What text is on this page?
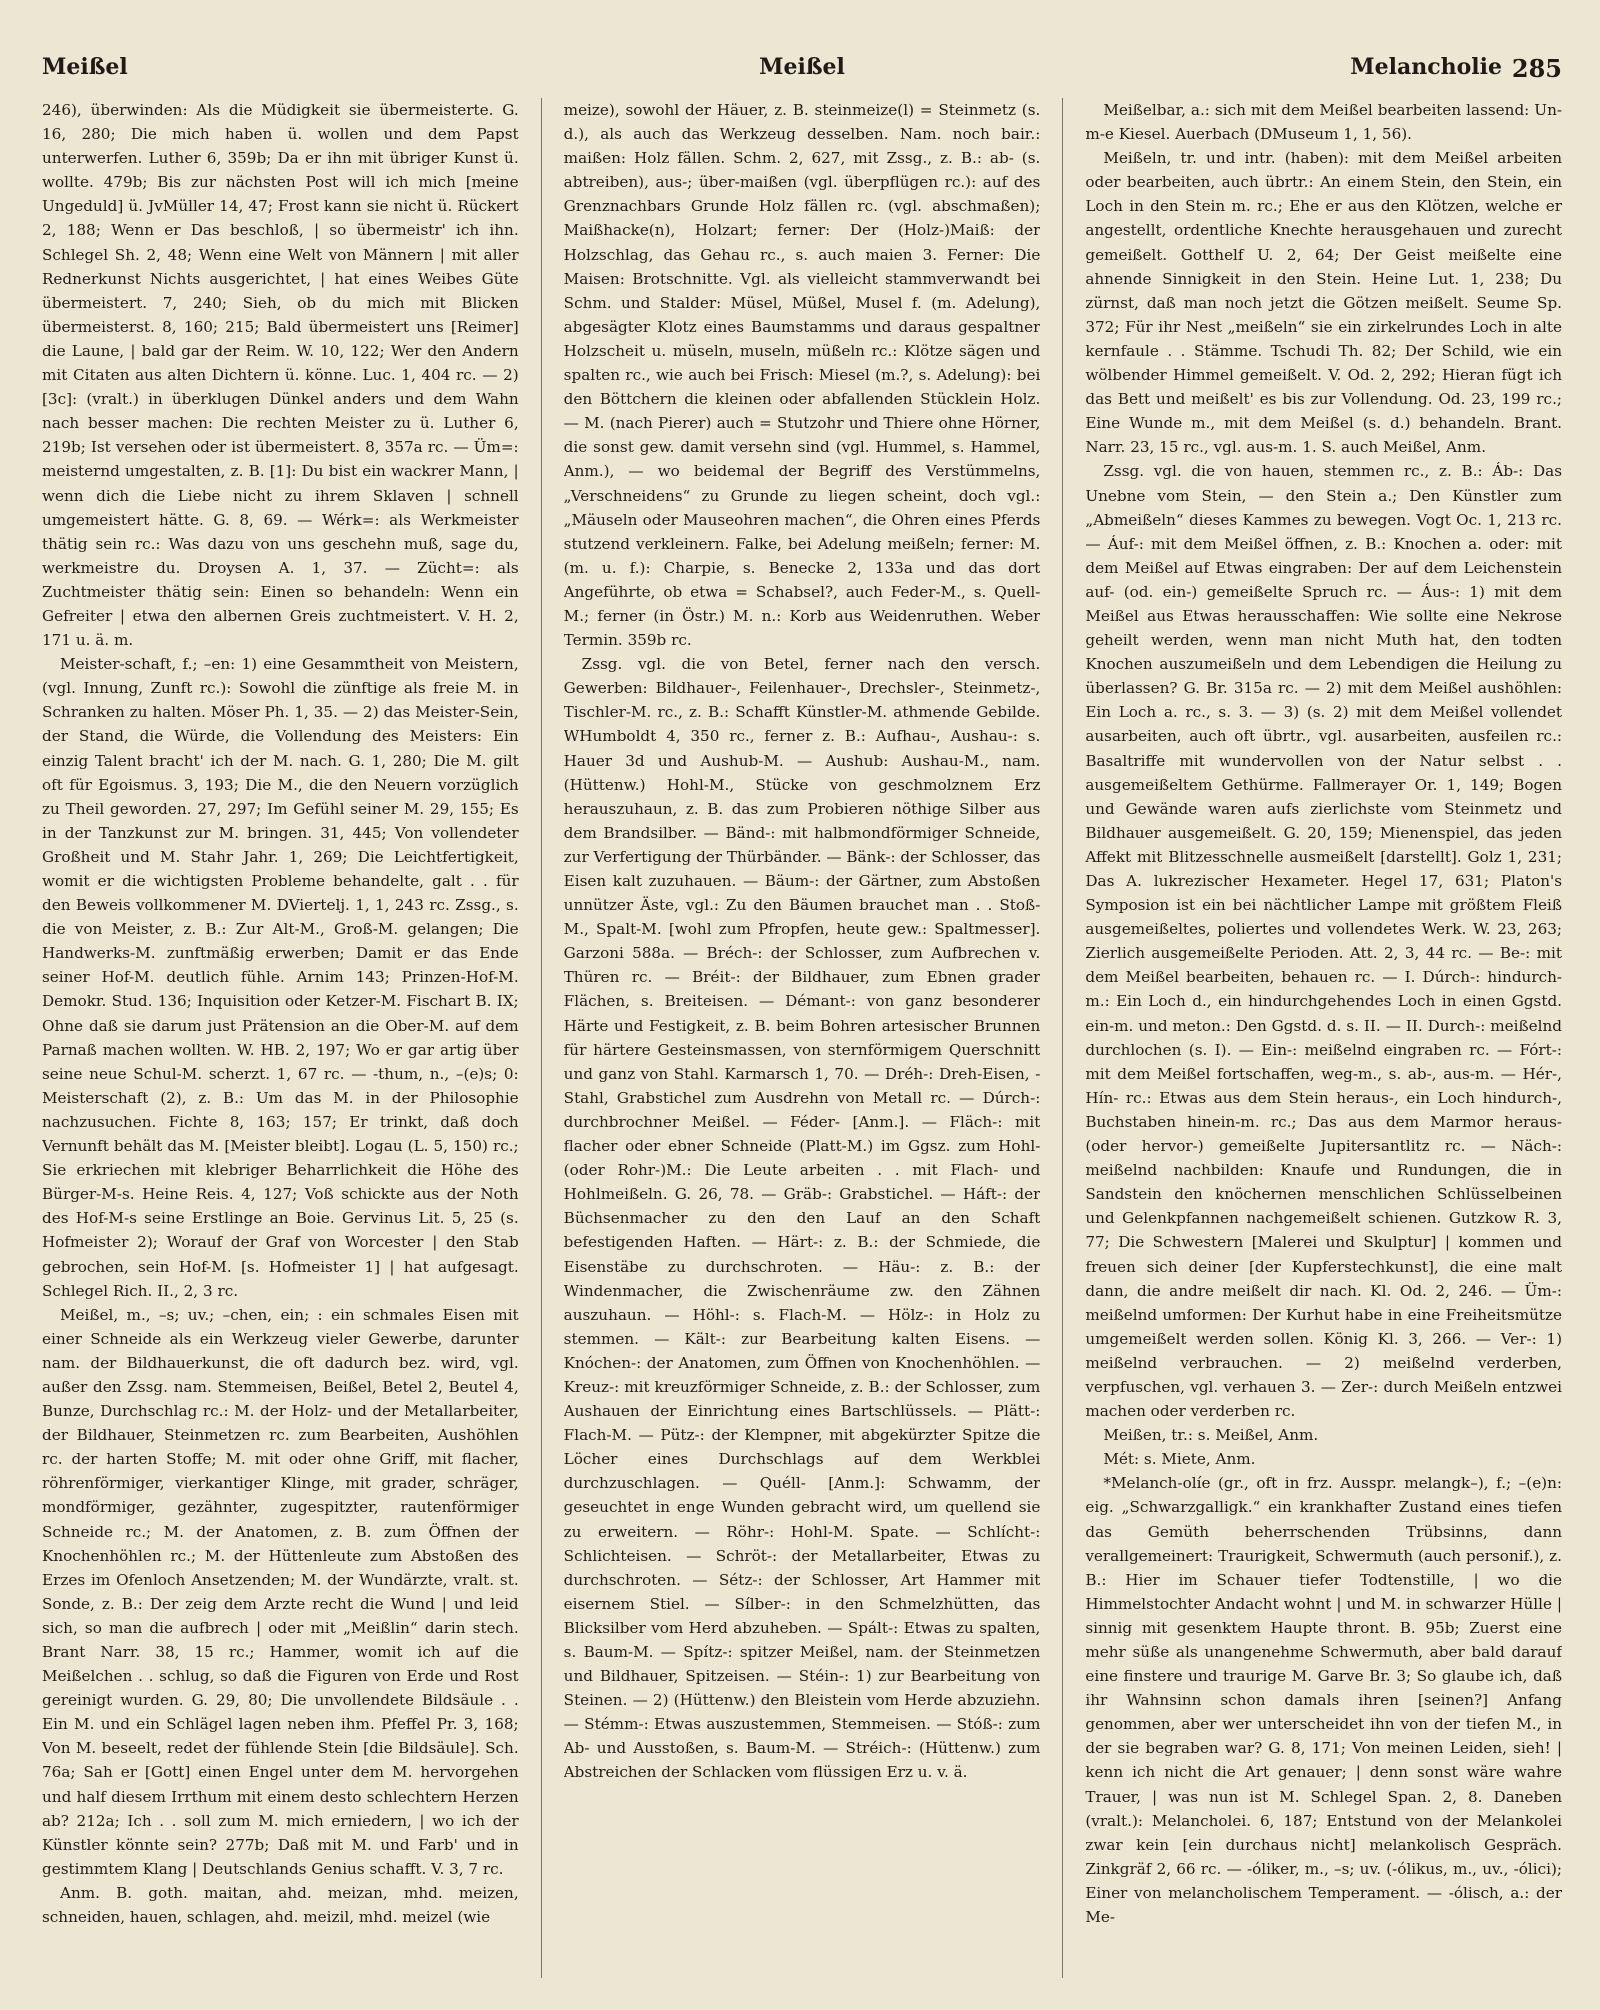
Meißel	Meißel	Melancholie 285

246), überwinden: Als die Müdigkeit sie übermeisterte. G. 16, 280; Die mich haben ü. wollen und dem Papst unterwerfen. Luther 6, 359b; Da er ihn mit übriger Kunst ü. wollte. 479b; Bis zur nächsten Post will ich mich [meine Ungeduld] ü. JvMüller 14, 47; Frost kann sie nicht ü. Rückert 2, 188; Wenn er Das beschloß, | so übermeistr' ich ihn. Schlegel Sh. 2, 48; Wenn eine Welt von Männern | mit aller Rednerkunst Nichts ausgerichtet, | hat eines Weibes Güte übermeistert. 7, 240; Sieh, ob du mich mit Blicken übermeisterst. 8, 160; 215; Bald übermeistert uns [Reimer] die Laune, | bald gar der Reim. W. 10, 122; Wer den Andern mit Citaten aus alten Dichtern ü. könne. Luc. 1, 404 rc. — 2) [3c]: (vralt.) in überklugen Dünkel anders und dem Wahn nach besser machen: Die rechten Meister zu ü. Luther 6, 219b; Ist versehen oder ist übermeistert. 8, 357a rc. — Üm=: meisternd umgestalten, z. B. [1]: Du bist ein wackrer Mann, | wenn dich die Liebe nicht zu ihrem Sklaven | schnell umgemeistert hätte. G. 8, 69. — Wérk=: als Werkmeister thätig sein rc.: Was dazu von uns geschehn muß, sage du, werkmeistre du. Droysen A. 1, 37. — Zücht=: als Zuchtmeister thätig sein: Einen so behandeln: Wenn ein Gefreiter | etwa den albernen Greis zuchtmeistert. V. H. 2, 171 u. ä. m.

Meister-schaft, f.; –en: 1) eine Gesammtheit von Meistern, (vgl. Innung, Zunft rc.): Sowohl die zünftige als freie M. in Schranken zu halten. Möser Ph. 1, 35. — 2) das Meister-Sein, der Stand, die Würde, die Vollendung des Meisters: Ein einzig Talent bracht' ich der M. nach. G. 1, 280; Die M. gilt oft für Egoismus. 3, 193; Die M., die den Neuern vorzüglich zu Theil geworden. 27, 297; Im Gefühl seiner M. 29, 155; Es in der Tanzkunst zur M. bringen. 31, 445; Von vollendeter Großheit und M. Stahr Jahr. 1, 269; Die Leichtfertigkeit, womit er die wichtigsten Probleme behandelte, galt . . für den Beweis vollkommener M. DViertelj. 1, 1, 243 rc. Zssg., s. die von Meister, z. B.: Zur Alt-M., Groß-M. gelangen; Die Handwerks-M. zunftmäßig erwerben; Damit er das Ende seiner Hof-M. deutlich fühle. Arnim 143; Prinzen-Hof-M. Demokr. Stud. 136; Inquisition oder Ketzer-M. Fischart B. IX; Ohne daß sie darum just Prätension an die Ober-M. auf dem Parnaß machen wollten. W. HB. 2, 197; Wo er gar artig über seine neue Schul-M. scherzt. 1, 67 rc. — -thum, n., –(e)s; 0: Meisterschaft (2), z. B.: Um das M. in der Philosophie nachzusuchen. Fichte 8, 163; 157; Er trinkt, daß doch Vernunft behält das M. [Meister bleibt]. Logau (L. 5, 150) rc.; Sie erkriechen mit klebriger Beharrlichkeit die Höhe des Bürger-M-s. Heine Reis. 4, 127; Voß schickte aus der Noth des Hof-M-s seine Erstlinge an Boie. Gervinus Lit. 5, 25 (s. Hofmeister 2); Worauf der Graf von Worcester | den Stab gebrochen, sein Hof-M. [s. Hofmeister 1] | hat aufgesagt. Schlegel Rich. II., 2, 3 rc.

Meißel, m., –s; uv.; –chen, ein; : ein schmales Eisen mit einer Schneide als ein Werkzeug vieler Gewerbe, darunter nam. der Bildhauerkunst, die oft dadurch bez. wird, vgl. außer den Zssg. nam. Stemmeisen, Beißel, Betel 2, Beutel 4, Bunze, Durchschlag rc.: M. der Holz- und der Metallarbeiter, der Bildhauer, Steinmetzen rc. zum Bearbeiten, Aushöhlen rc. der harten Stoffe; M. mit oder ohne Griff, mit flacher, röhrenförmiger, vierkantiger Klinge, mit grader, schräger, mondförmiger, gezähnter, zugespitzter, rautenförmiger Schneide rc.; M. der Anatomen, z. B. zum Öffnen der Knochenhöhlen rc.; M. der Hüttenleute zum Abstoßen des Erzes im Ofenloch Ansetzenden; M. der Wundärzte, vralt. st. Sonde, z. B.: Der zeig dem Arzte recht die Wund | und leid sich, so man die aufbrech | oder mit „Meißlin“ darin stech. Brant Narr. 38, 15 rc.; Hammer, womit ich auf die Meißelchen . . schlug, so daß die Figuren von Erde und Rost gereinigt wurden. G. 29, 80; Die unvollendete Bildsäule . . Ein M. und ein Schlägel lagen neben ihm. Pfeffel Pr. 3, 168; Von M. beseelt, redet der fühlende Stein [die Bildsäule]. Sch. 76a; Sah er [Gott] einen Engel unter dem M. hervorgehen und half diesem Irrthum mit einem desto schlechtern Herzen ab? 212a; Ich . . soll zum M. mich erniedern, | wo ich der Künstler könnte sein? 277b; Daß mit M. und Farb' und in gestimmtem Klang | Deutschlands Genius schafft. V. 3, 7 rc.

Anm. B. goth. maitan, ahd. meizan, mhd. meizen, schneiden, hauen, schlagen, ahd. meizil, mhd. meizel (wie

meize), sowohl der Häuer, z. B. steinmeize(l) = Steinmetz (s. d.), als auch das Werkzeug desselben. Nam. noch bair.: maißen: Holz fällen. Schm. 2, 627, mit Zssg., z. B.: ab- (s. abtreiben), aus-; über-maißen (vgl. überpflügen rc.): auf des Grenznachbars Grunde Holz fällen rc. (vgl. abschmaßen); Maißhacke(n), Holzart; ferner: Der (Holz-)Maiß: der Holzschlag, das Gehau rc., s. auch maien 3. Ferner: Die Maisen: Brotschnitte. Vgl. als vielleicht stammverwandt bei Schm. und Stalder: Müsel, Müßel, Musel f. (m. Adelung), abgesägter Klotz eines Baumstamms und daraus gespaltner Holzscheit u. müseln, museln, müßeln rc.: Klötze sägen und spalten rc., wie auch bei Frisch: Miesel (m.?, s. Adelung): bei den Böttchern die kleinen oder abfallenden Stücklein Holz. — M. (nach Pierer) auch = Stutzohr und Thiere ohne Hörner, die sonst gew. damit versehn sind (vgl. Hummel, s. Hammel, Anm.), — wo beidemal der Begriff des Verstümmelns, „Verschneidens“ zu Grunde zu liegen scheint, doch vgl.: „Mäuseln oder Mauseohren machen“, die Ohren eines Pferds stutzend verkleinern. Falke, bei Adelung meißeln; ferner: M. (m. u. f.): Charpie, s. Benecke 2, 133a und das dort Angeführte, ob etwa = Schabsel?, auch Feder-M., s. Quell-M.; ferner (in Östr.) M. n.: Korb aus Weidenruthen. Weber Termin. 359b rc.

Zssg. vgl. die von Betel, ferner nach den versch. Gewerben: Bildhauer-, Feilenhauer-, Drechsler-, Steinmetz-, Tischler-M. rc., z. B.: Schafft Künstler-M. athmende Gebilde. WHumboldt 4, 350 rc., ferner z. B.: Aufhau-, Aushau-: s. Hauer 3d und Aushub-M. — Aushub: Aushau-M., nam. (Hüttenw.) Hohl-M., Stücke von geschmolznem Erz herauszuhaun, z. B. das zum Probieren nöthige Silber aus dem Brandsilber. — Bänd-: mit halbmondförmiger Schneide, zur Verfertigung der Thürbänder. — Bänk-: der Schlosser, das Eisen kalt zuzuhauen. — Bäum-: der Gärtner, zum Abstoßen unnützer Äste, vgl.: Zu den Bäumen brauchet man . . Stoß-M., Spalt-M. [wohl zum Pfropfen, heute gew.: Spaltmesser]. Garzoni 588a. — Bréch-: der Schlosser, zum Aufbrechen v. Thüren rc. — Bréit-: der Bildhauer, zum Ebnen grader Flächen, s. Breiteisen. — Démant-: von ganz besonderer Härte und Festigkeit, z. B. beim Bohren artesischer Brunnen für härtere Gesteinsmassen, von sternförmigem Querschnitt und ganz von Stahl. Karmarsch 1, 70. — Dréh-: Dreh-Eisen, -Stahl, Grabstichel zum Ausdrehn von Metall rc. — Dúrch-: durchbrochner Meißel. — Féder- [Anm.]. — Fläch-: mit flacher oder ebner Schneide (Platt-M.) im Ggsz. zum Hohl- (oder Rohr-)M.: Die Leute arbeiten . . mit Flach- und Hohlmeißeln. G. 26, 78. — Gräb-: Grabstichel. — Háft-: der Büchsenmacher zu den den Lauf an den Schaft befestigenden Haften. — Härt-: z. B.: der Schmiede, die Eisenstäbe zu durchschroten. — Häu-: z. B.: der Windenmacher, die Zwischenräume zw. den Zähnen auszuhaun. — Höhl-: s. Flach-M. — Hölz-: in Holz zu stemmen. — Kält-: zur Bearbeitung kalten Eisens. — Knóchen-: der Anatomen, zum Öffnen von Knochenhöhlen. — Kreuz-: mit kreuzförmiger Schneide, z. B.: der Schlosser, zum Aushauen der Einrichtung eines Bartschlüssels. — Plätt-: Flach-M. — Pütz-: der Klempner, mit abgekürzter Spitze die Löcher eines Durchschlags auf dem Werkblei durchzuschlagen. — Quéll- [Anm.]: Schwamm, der geseuchtet in enge Wunden gebracht wird, um quellend sie zu erweitern. — Röhr-: Hohl-M. Spate. — Schlícht-: Schlichteisen. — Schröt-: der Metallarbeiter, Etwas zu durchschroten. — Sétz-: der Schlosser, Art Hammer mit eisernem Stiel. — Sílber-: in den Schmelzhütten, das Blicksilber vom Herd abzuheben. — Spált-: Etwas zu spalten, s. Baum-M. — Spítz-: spitzer Meißel, nam. der Steinmetzen und Bildhauer, Spitzeisen. — Stéin-: 1) zur Bearbeitung von Steinen. — 2) (Hüttenw.) den Bleistein vom Herde abzuziehn. — Stémm-: Etwas auszustemmen, Stemmeisen. — Stóß-: zum Ab- und Ausstoßen, s. Baum-M. — Stréich-: (Hüttenw.) zum Abstreichen der Schlacken vom flüssigen Erz u. v. ä.

Meißelbar, a.: sich mit dem Meißel bearbeiten lassend: Un-m-e Kiesel. Auerbach (DMuseum 1, 1, 56).

Meißeln, tr. und intr. (haben): mit dem Meißel arbeiten oder bearbeiten, auch übrtr.: An einem Stein, den Stein, ein Loch in den Stein m. rc.; Ehe er aus den Klötzen, welche er angestellt, ordentliche Knechte herausgehauen und zurecht gemeißelt. Gotthelf U. 2, 64; Der Geist meißelte eine ahnende Sinnigkeit in den Stein. Heine Lut. 1, 238; Du zürnst, daß man noch jetzt die Götzen meißelt. Seume Sp. 372; Für ihr Nest „meißeln“ sie ein zirkelrundes Loch in alte kernfaule . . Stämme. Tschudi Th. 82; Der Schild, wie ein wölbender Himmel gemeißelt. V. Od. 2, 292; Hieran fügt ich das Bett und meißelt' es bis zur Vollendung. Od. 23, 199 rc.; Eine Wunde m., mit dem Meißel (s. d.) behandeln. Brant. Narr. 23, 15 rc., vgl. aus-m. 1. S. auch Meißel, Anm.

Zssg. vgl. die von hauen, stemmen rc., z. B.: Áb-: Das Unebne vom Stein, — den Stein a.; Den Künstler zum „Abmeißeln“ dieses Kammes zu bewegen. Vogt Oc. 1, 213 rc. — Áuf-: mit dem Meißel öffnen, z. B.: Knochen a. oder: mit dem Meißel auf Etwas eingraben: Der auf dem Leichenstein auf- (od. ein-) gemeißelte Spruch rc. — Áus-: 1) mit dem Meißel aus Etwas herausschaffen: Wie sollte eine Nekrose geheilt werden, wenn man nicht Muth hat, den todten Knochen auszumeißeln und dem Lebendigen die Heilung zu überlassen? G. Br. 315a rc. — 2) mit dem Meißel aushöhlen: Ein Loch a. rc., s. 3. — 3) (s. 2) mit dem Meißel vollendet ausarbeiten, auch oft übrtr., vgl. ausarbeiten, ausfeilen rc.: Basaltriffe mit wundervollen von der Natur selbst . . ausgemeißeltem Gethürme. Fallmerayer Or. 1, 149; Bogen und Gewände waren aufs zierlichste vom Steinmetz und Bildhauer ausgemeißelt. G. 20, 159; Mienenspiel, das jeden Affekt mit Blitzesschnelle ausmeißelt [darstellt]. Golz 1, 231; Das A. lukrezischer Hexameter. Hegel 17, 631; Platon's Symposion ist ein bei nächtlicher Lampe mit größtem Fleiß ausgemeißeltes, poliertes und vollendetes Werk. W. 23, 263; Zierlich ausgemeißelte Perioden. Att. 2, 3, 44 rc. — Be-: mit dem Meißel bearbeiten, behauen rc. — I. Dúrch-: hindurch-m.: Ein Loch d., ein hindurchgehendes Loch in einen Ggstd. ein-m. und meton.: Den Ggstd. d. s. II. — II. Durch-: meißelnd durchlochen (s. I). — Ein-: meißelnd eingraben rc. — Fórt-: mit dem Meißel fortschaffen, weg-m., s. ab-, aus-m. — Hér-, Hín- rc.: Etwas aus dem Stein heraus-, ein Loch hindurch-, Buchstaben hinein-m. rc.; Das aus dem Marmor heraus- (oder hervor-) gemeißelte Jupitersantlitz rc. — Näch-: meißelnd nachbilden: Knaufe und Rundungen, die in Sandstein den knöchernen menschlichen Schlüsselbeinen und Gelenkpfannen nachgemeißelt schienen. Gutzkow R. 3, 77; Die Schwestern [Malerei und Skulptur] | kommen und freuen sich deiner [der Kupferstechkunst], die eine malt dann, die andre meißelt dir nach. Kl. Od. 2, 246. — Üm-: meißelnd umformen: Der Kurhut habe in eine Freiheitsmütze umgemeißelt werden sollen. König Kl. 3, 266. — Ver-: 1) meißelnd verbrauchen. — 2) meißelnd verderben, verpfuschen, vgl. verhauen 3. — Zer-: durch Meißeln entzwei machen oder verderben rc.

Meißen, tr.: s. Meißel, Anm.

Mét: s. Miete, Anm.

*Melanch-olíe (gr., oft in frz. Ausspr. melangk–), f.; –(e)n: eig. „Schwarzgalligk.“ ein krankhafter Zustand eines tiefen das Gemüth beherrschenden Trübsinns, dann verallgemeinert: Traurigkeit, Schwermuth (auch personif.), z. B.: Hier im Schauer tiefer Todtenstille, | wo die Himmelstochter Andacht wohnt | und M. in schwarzer Hülle | sinnig mit gesenktem Haupte thront. B. 95b; Zuerst eine mehr süße als unangenehme Schwermuth, aber bald darauf eine finstere und traurige M. Garve Br. 3; So glaube ich, daß ihr Wahnsinn schon damals ihren [seinen?] Anfang genommen, aber wer unterscheidet ihn von der tiefen M., in der sie begraben war? G. 8, 171; Von meinen Leiden, sieh! | kenn ich nicht die Art genauer; | denn sonst wäre wahre Trauer, | was nun ist M. Schlegel Span. 2, 8. Daneben (vralt.): Melancholei. 6, 187; Entstund von der Melankolei zwar kein [ein durchaus nicht] melankolisch Gespräch. Zinkgräf 2, 66 rc. — -óliker, m., –s; uv. (-ólikus, m., uv., -ólici); Einer von melancholischem Temperament. — -ólisch, a.: der Me-
